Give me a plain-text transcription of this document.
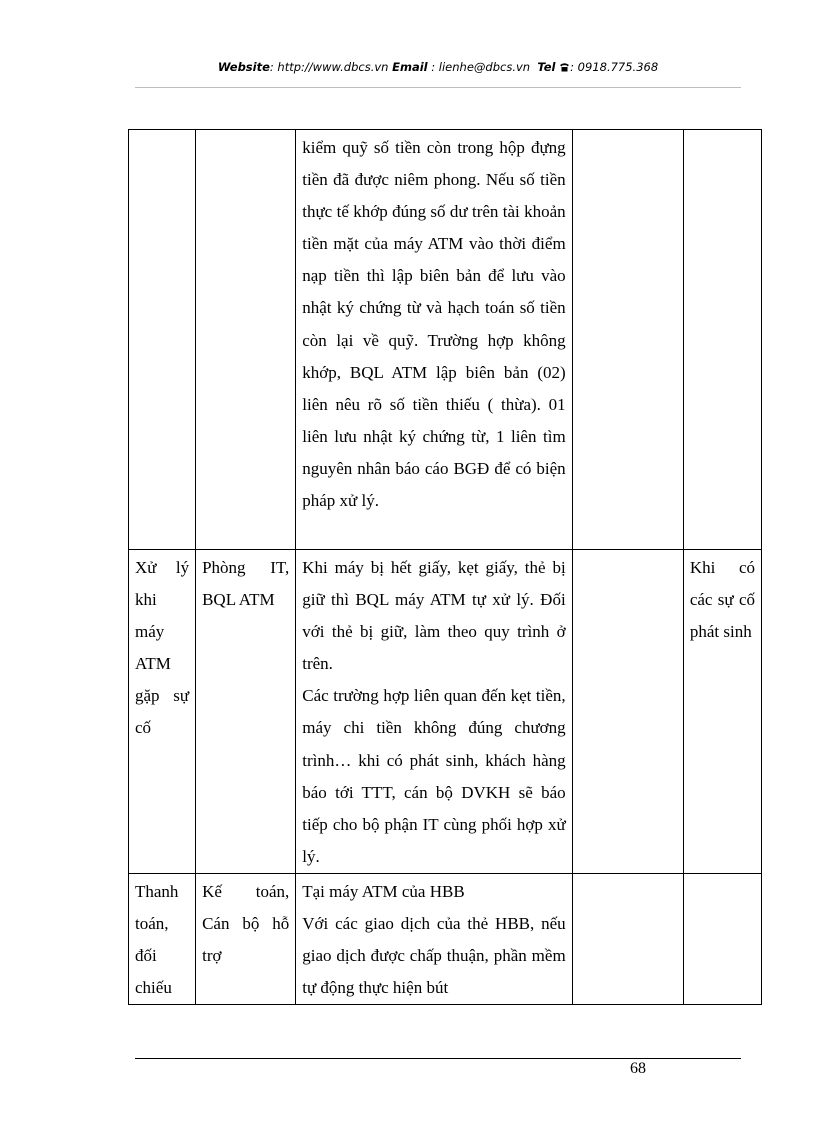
Website: http://www.dbcs.vn Email : lienhe@dbcs.vn Tel : 0918.775.368

		kiểm quỹ số tiền còn trong hộp đựng tiền đã được niêm phong. Nếu số tiền thực tế khớp đúng số dư trên tài khoản tiền mặt của máy ATM vào thời điểm nạp tiền thì lập biên bản để lưu vào nhật ký chứng từ và hạch toán số tiền còn lại về quỹ. Trường hợp không khớp, BQL ATM lập biên bản (02) liên nêu rõ số tiền thiếu ( thừa). 01 liên lưu nhật ký chứng từ, 1 liên tìm nguyên nhân báo cáo BGĐ để có biện pháp xử lý.		

Xử lý khi máy ATM gặp sự cố	Phòng IT, BQL ATM	Khi máy bị hết giấy, kẹt giấy, thẻ bị giữ thì BQL máy ATM tự xử lý. Đối với thẻ bị giữ, làm theo quy trình ở trên.
Các trường hợp liên quan đến kẹt tiền, máy chi tiền không đúng chương trình… khi có phát sinh, khách hàng báo tới TTT, cán bộ DVKH sẽ báo tiếp cho bộ phận IT cùng phối hợp xử lý.		Khi có các sự cố phát sinh
Thanh toán, đối chiếu	Kế toán, Cán bộ hỗ trợ	Tại máy ATM của HBB
Với các giao dịch của thẻ HBB, nếu giao dịch được chấp thuận, phần mềm tự động thực hiện bút		

68
